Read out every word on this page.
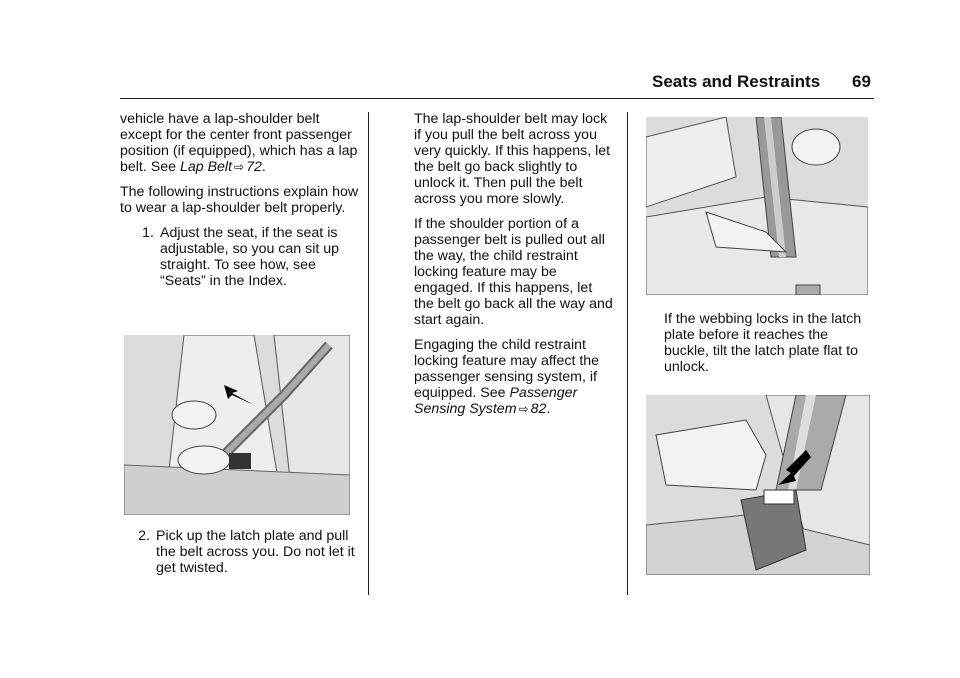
Seats and Restraints 69

vehicle have a lap-shoulder belt except for the center front passenger position (if equipped), which has a lap belt. See Lap Belt ⇨ 72.

The following instructions explain how to wear a lap-shoulder belt properly.

1. Adjust the seat, if the seat is adjustable, so you can sit up straight. To see how, see “Seats” in the Index.
2. Pick up the latch plate and pull the belt across you. Do not let it get twisted.

The lap-shoulder belt may lock if you pull the belt across you very quickly. If this happens, let the belt go back slightly to unlock it. Then pull the belt across you more slowly.

If the shoulder portion of a passenger belt is pulled out all the way, the child restraint locking feature may be engaged. If this happens, let the belt go back all the way and start again.

Engaging the child restraint locking feature may affect the passenger sensing system, if equipped. See Passenger Sensing System ⇨ 82.

If the webbing locks in the latch plate before it reaches the buckle, tilt the latch plate flat to unlock.
